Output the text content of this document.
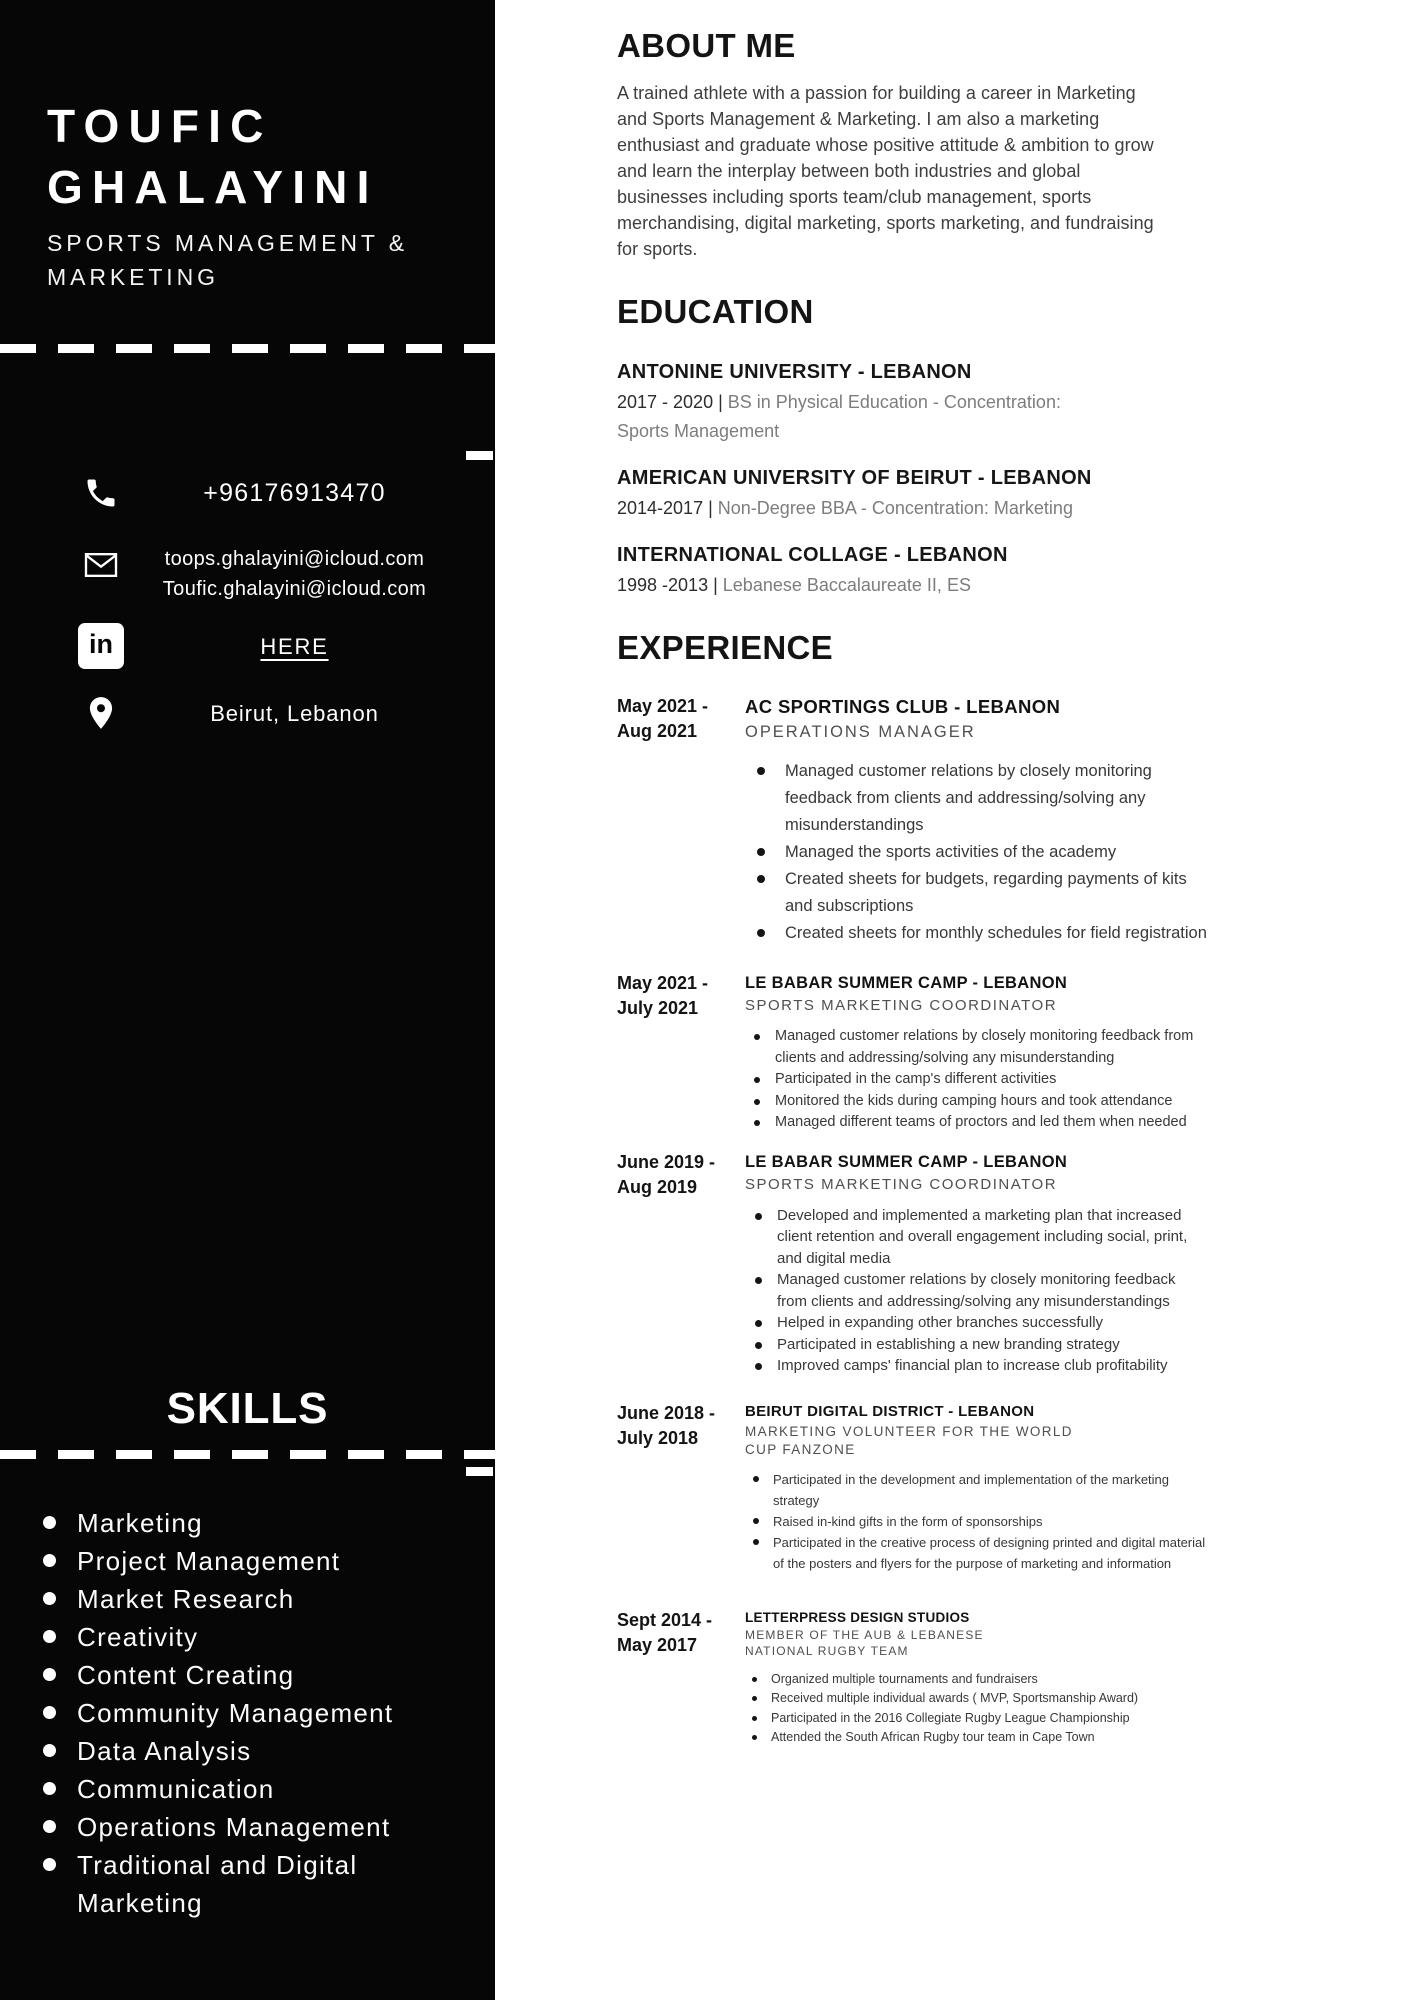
TOUFIC
GHALAYINI
SPORTS MANAGEMENT & MARKETING
+96176913470
toops.ghalayini@icloud.com
Toufic.ghalayini@icloud.com
in	HERE
Beirut, Lebanon
SKILLS
Marketing
Project Management
Market Research
Creativity
Content Creating
Community Management
Data Analysis
Communication
Operations Management
Traditional and Digital Marketing
ABOUT ME

A trained athlete with a passion for building a career in Marketing and Sports Management & Marketing. I am also a marketing enthusiast and graduate whose positive attitude & ambition to grow and learn the interplay between both industries and global businesses including sports team/club management, sports merchandising, digital marketing, sports marketing, and fundraising for sports.

EDUCATION
ANTONINE UNIVERSITY - LEBANON
2017 - 2020 | BS in Physical Education - Concentration: Sports Management
AMERICAN UNIVERSITY OF BEIRUT - LEBANON
2014-2017 | Non-Degree BBA - Concentration: Marketing
INTERNATIONAL COLLAGE - LEBANON
1998 -2013 | Lebanese Baccalaureate II, ES
EXPERIENCE
May 2021 -
Aug 2021
AC SPORTINGS CLUB - LEBANON
OPERATIONS MANAGER
Managed customer relations by closely monitoring feedback from clients and addressing/solving any misunderstandings
Managed the sports activities of the academy
Created sheets for budgets, regarding payments of kits and subscriptions
Created sheets for monthly schedules for field registration
May 2021 -
July 2021
LE BABAR SUMMER CAMP - LEBANON
SPORTS MARKETING COORDINATOR
Managed customer relations by closely monitoring feedback from clients and addressing/solving any misunderstanding
Participated in the camp's different activities
Monitored the kids during camping hours and took attendance
Managed different teams of proctors and led them when needed
June 2019 -
Aug 2019
LE BABAR SUMMER CAMP - LEBANON
SPORTS MARKETING COORDINATOR
Developed and implemented a marketing plan that increased client retention and overall engagement including social, print, and digital media
Managed customer relations by closely monitoring feedback from clients and addressing/solving any misunderstandings
Helped in expanding other branches successfully
Participated in establishing a new branding strategy
Improved camps' financial plan to increase club profitability
June 2018 -
July 2018
BEIRUT DIGITAL DISTRICT - LEBANON
MARKETING VOLUNTEER FOR THE WORLD CUP FANZONE
Participated in the development and implementation of the marketing strategy
Raised in-kind gifts in the form of sponsorships
Participated in the creative process of designing printed and digital material of the posters and flyers for the purpose of marketing and information
Sept 2014 -
May 2017
LETTERPRESS DESIGN STUDIOS
MEMBER OF THE AUB & LEBANESE NATIONAL RUGBY TEAM
Organized multiple tournaments and fundraisers
Received multiple individual awards ( MVP, Sportsmanship Award)
Participated in the 2016 Collegiate Rugby League Championship
Attended the South African Rugby tour team in Cape Town
